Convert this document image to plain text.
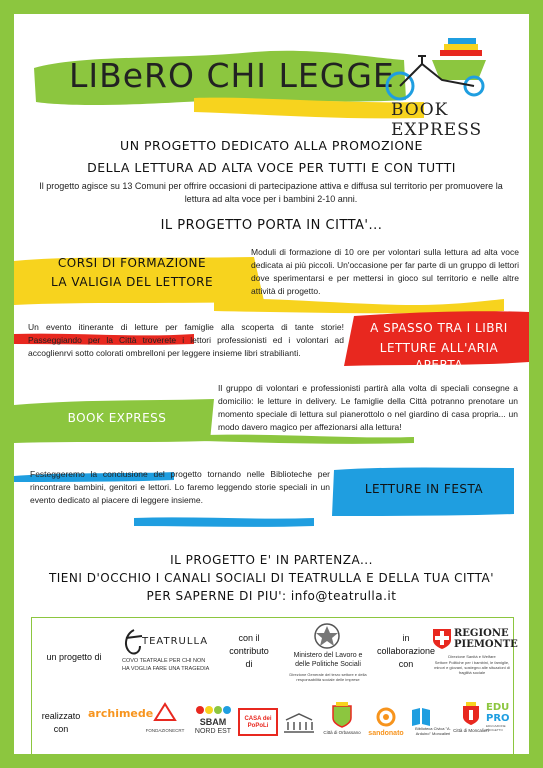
LIBeRO CHI LEGGE
BOOK EXPRESS
UN PROGETTO DEDICATO ALLA PROMOZIONE
DELLA LETTURA AD ALTA VOCE PER TUTTI E CON TUTTI
Il progetto agisce su 13 Comuni per offrire occasioni di partecipazione attiva e diffusa sul territorio per promuovere la lettura ad alta voce per i bambini 2-10 anni.
IL PROGETTO PORTA IN CITTA'...
CORSI DI FORMAZIONE
LA VALIGIA DEL LETTORE
Moduli di formazione di 10 ore per volontari sulla lettura ad alta voce dedicata ai più piccoli. Un'occasione per far parte di un gruppo di lettori dove sperimentarsi e per mettersi in gioco sul territorio e nelle altre attività di progetto.
Un evento itinerante di letture per famiglie alla scoperta di tante storie! Passeggiando per la Città troverete i lettori professionisti ed i volontari ad accoglienrvi sotto colorati ombrelloni per leggere insieme libri strabilianti.
A SPASSO TRA I LIBRI
LETTURE ALL'ARIA APERTA
BOOK EXPRESS
Il gruppo di volontari e professionisti partirà alla volta di speciali consegne a domicilio: le letture in delivery. Le famiglie della Città potranno prenotare un momento speciale di lettura sul pianerottolo o nel giardino di casa propria... un modo davero magico per affezionarsi alla lettura!
Festeggeremo la conclusione del progetto tornando nelle Biblioteche per rincontrare bambini, genitori e lettori. Lo faremo leggendo storie speciali in un evento dedicato al piacere di leggere insieme.
LETTURE IN FESTA
IL PROGETTO E' IN PARTENZA...
TIENI D'OCCHIO I CANALI SOCIALI DI TEATRULLA E DELLA TUA CITTA'
PER SAPERNE DI PIU': info@teatrulla.it
un progetto di
TEATRULLA
COVO TEATRALE PER CHI NON
HA VOGLIA FARE UNA TRAGEDIA
con il
contributo
di
Ministero del Lavoro e
delle Politiche Sociali
Direzione Generale del terzo settore e della responsabilità sociale delle imprese
in
collaborazione
con
REGIONE
PIEMONTE
Direzione Sanità e Welfare
Settore Politiche per i bambini, le famiglie, minori e giovani, sostegno alle situazioni di fragilità sociale
realizzato
con
archimede
FONDAZIONECRT
SBAM
NORD EST
CASA dei PoPoLi
Città di Orbassano	sandonato
Biblioteca Civica "A. Arduino" Moncalieri
Città di Moncalieri
EDU
PRO
EDUCAZIONE PROGETTO
